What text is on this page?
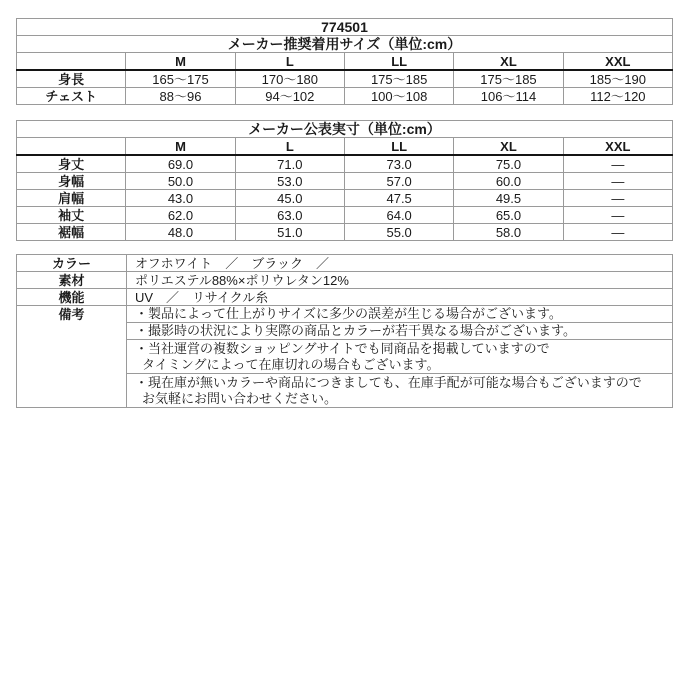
774501					
メーカー推奨着用サイズ（単位:cm）					
	M	L	LL	XL	XXL
身長	165～175	170～180	175～185	175～185	185～190
チェスト	88～96	94～102	100～108	106～114	112～120
メーカー公表実寸（単位:cm）					
	M	L	LL	XL	XXL
身丈	69.0	71.0	73.0	75.0	―
身幅	50.0	53.0	57.0	60.0	―
肩幅	43.0	45.0	47.5	49.5	―
袖丈	62.0	63.0	64.0	65.0	―
裾幅	48.0	51.0	55.0	58.0	―
カラー	オフホワイト　／　ブラック　／
素材	ポリエステル88%×ポリウレタン12%
機能	UV　／　リサイクル糸
備考	・製品によって仕上がりサイズに多少の誤差が生じる場合がございます。

	・撮影時の状況により実際の商品とカラーが若干異なる場合がございます。

	・当社運営の複数ショッピングサイトでも同商品を掲載していますので
タイミングによって在庫切れの場合もございます。

	・現在庫が無いカラーや商品につきましても、在庫手配が可能な場合もございますので
お気軽にお問い合わせください。
